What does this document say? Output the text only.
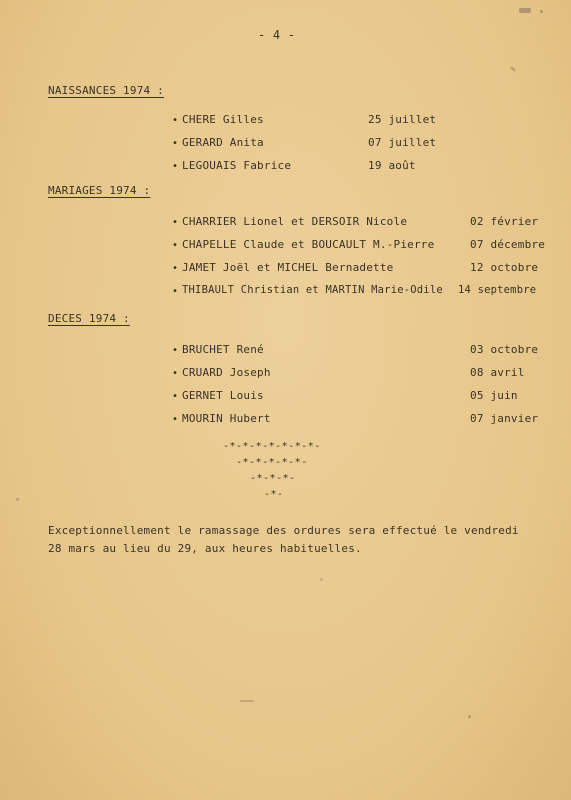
- 4 -
NAISSANCES 1974 :
• CHERE Gilles	25 juillet
• GERARD Anita	07 juillet
• LEGOUAIS Fabrice	19 août
MARIAGES 1974 :
• CHARRIER Lionel et DERSOIR Nicole	02 février
• CHAPELLE Claude et BOUCAULT M.-Pierre	07 décembre
• JAMET Joël et MICHEL Bernadette	12 octobre
• THIBAULT Christian et MARTIN Marie-Odile 14 septembre
DECES 1974 :
• BRUCHET René	03 octobre
• CRUARD Joseph	08 avril
• GERNET Louis	05 juin
• MOURIN Hubert	07 janvier
-*-*-*-*-*-*-*-
-*-*-*-*-*-
-*-*-*-
-*-
Exceptionnellement le ramassage des ordures sera effectué le vendredi
28 mars au lieu du 29, aux heures habituelles.
